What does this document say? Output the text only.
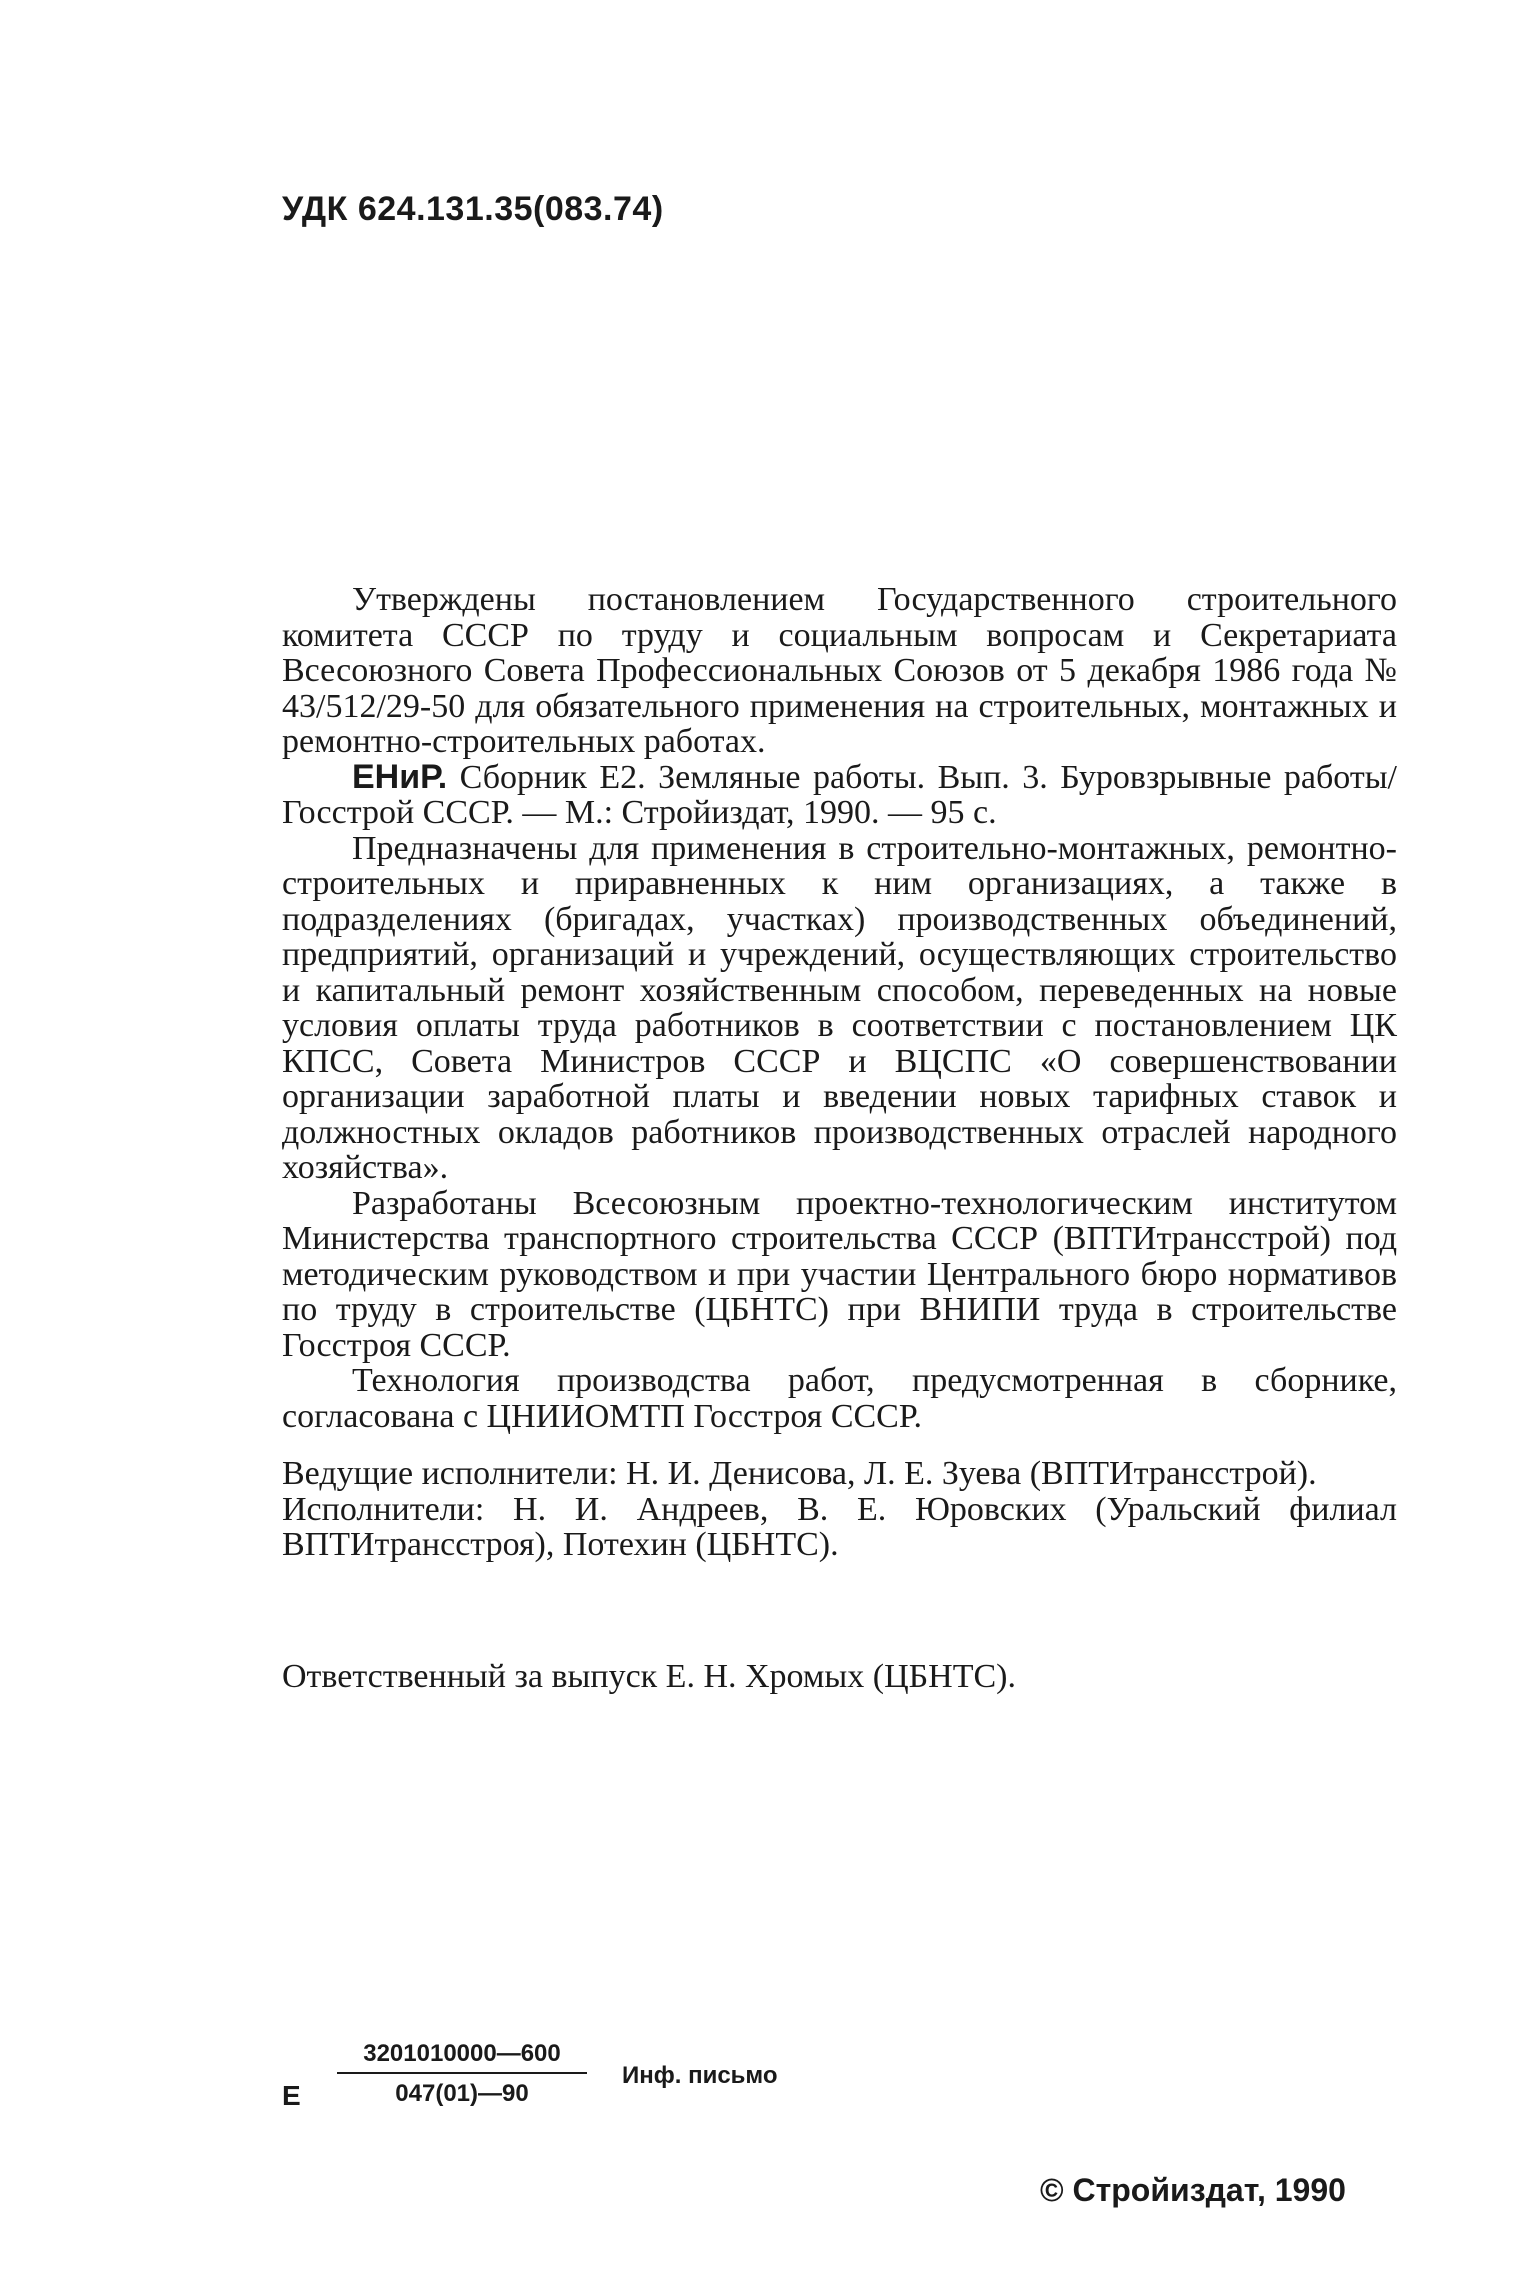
УДК 624.131.35(083.74)

Утверждены постановлением Государственного строительного комитета СССР по труду и социальным вопросам и Секретариата Всесоюзного Совета Профессиональных Союзов от 5 декабря 1986 года № 43/512/29-50 для обязательного применения на строительных, монтажных и ремонтно-строительных работах.

ЕНиР. Сборник Е2. Земляные работы. Вып. 3. Буровзрывные работы/Госстрой СССР. — М.: Стройиздат, 1990. — 95 с.

Предназначены для применения в строительно-монтажных, ремонтно-строительных и приравненных к ним организациях, а также в подразделениях (бригадах, участках) производственных объединений, предприятий, организаций и учреждений, осуществляющих строительство и капитальный ремонт хозяйственным способом, переведенных на новые условия оплаты труда работников в соответствии с постановлением ЦК КПСС, Совета Министров СССР и ВЦСПС «О совершенствовании организации заработной платы и введении новых тарифных ставок и должностных окладов работников производственных отраслей народного хозяйства».

Разработаны Всесоюзным проектно-технологическим институтом Министерства транспортного строительства СССР (ВПТИтрансстрой) под методическим руководством и при участии Центрального бюро нормативов по труду в строительстве (ЦБНТС) при ВНИПИ труда в строительстве Госстроя СССР.

Технология производства работ, предусмотренная в сборнике, согласована с ЦНИИОМТП Госстроя СССР.

Ведущие исполнители: Н. И. Денисова, Л. Е. Зуева (ВПТИтрансстрой).

Исполнители: Н. И. Андреев, В. Е. Юровских (Уральский филиал ВПТИтрансстроя), Потехин (ЦБНТС).

Ответственный за выпуск Е. Н. Хромых (ЦБНТС).
Е $\frac{3201010000—600}{047(01)—90}$ Инф. письмо
© Стройиздат, 1990
